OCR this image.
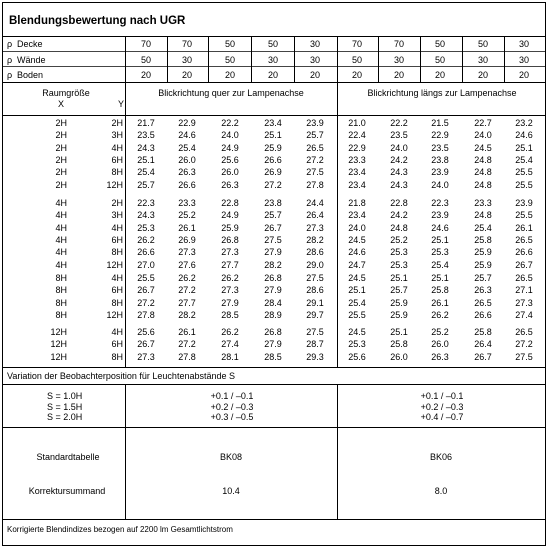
Blendungsbewertung nach UGR
ρ Decke	70	70	50	50	30	70	70	50	50	30
ρ Wände	50	30	50	30	30	50	30	50	30	30
ρ Boden	20	20	20	20	20	20	20	20	20	20
Raumgröße
X	Y
Blickrichtung quer zur Lampenachse	Blickrichtung längs zur Lampenachse
2H	2H	21.7	22.9	22.2	23.4	23.9	21.0	22.2	21.5	22.7	23.2
2H	3H	23.5	24.6	24.0	25.1	25.7	22.4	23.5	22.9	24.0	24.6
2H	4H	24.3	25.4	24.9	25.9	26.5	22.9	24.0	23.5	24.5	25.1
2H	6H	25.1	26.0	25.6	26.6	27.2	23.3	24.2	23.8	24.8	25.4
2H	8H	25.4	26.3	26.0	26.9	27.5	23.4	24.3	23.9	24.8	25.5
2H	12H	25.7	26.6	26.3	27.2	27.8	23.4	24.3	24.0	24.8	25.5
4H	2H	22.3	23.3	22.8	23.8	24.4	21.8	22.8	22.3	23.3	23.9
4H	3H	24.3	25.2	24.9	25.7	26.4	23.4	24.2	23.9	24.8	25.5
4H	4H	25.3	26.1	25.9	26.7	27.3	24.0	24.8	24.6	25.4	26.1
4H	6H	26.2	26.9	26.8	27.5	28.2	24.5	25.2	25.1	25.8	26.5
4H	8H	26.6	27.3	27.3	27.9	28.6	24.6	25.3	25.3	25.9	26.6
4H	12H	27.0	27.6	27.7	28.2	29.0	24.7	25.3	25.4	25.9	26.7
8H	4H	25.5	26.2	26.2	26.8	27.5	24.5	25.1	25.1	25.7	26.5
8H	6H	26.7	27.2	27.3	27.9	28.6	25.1	25.7	25.8	26.3	27.1
8H	8H	27.2	27.7	27.9	28.4	29.1	25.4	25.9	26.1	26.5	27.3
8H	12H	27.8	28.2	28.5	28.9	29.7	25.5	25.9	26.2	26.6	27.4
12H	4H	25.6	26.1	26.2	26.8	27.5	24.5	25.1	25.2	25.8	26.5
12H	6H	26.7	27.2	27.4	27.9	28.7	25.3	25.8	26.0	26.4	27.2
12H	8H	27.3	27.8	28.1	28.5	29.3	25.6	26.0	26.3	26.7	27.5
Variation der Beobachterposition für Leuchtenabstände S
S = 1.0H	+0.1 / –0.1	+0.1 / –0.1
S = 1.5H	+0.2 / –0.3	+0.2 / –0.3
S = 2.0H	+0.3 / –0.5	+0.4 / –0.7
Standardtabelle	BK08	BK06
Korrektursummand	10.4	8.0
Korrigierte Blendindizes bezogen auf 2200 lm Gesamtlichtstrom
